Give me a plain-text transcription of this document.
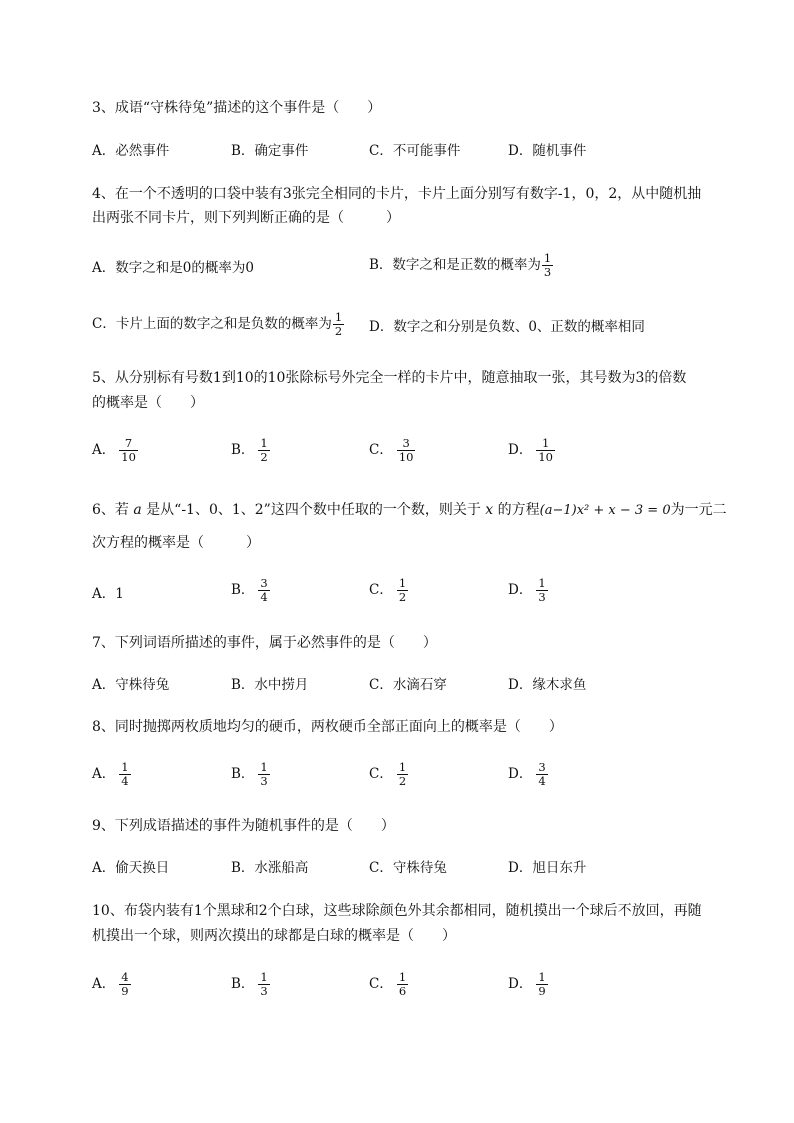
3、成语“守株待兔”描述的这个事件是（　　）
A．必然事件	B．确定事件	C．不可能事件	D．随机事件
4、在一个不透明的口袋中装有3张完全相同的卡片，卡片上面分别写有数字-1，0，2，从中随机抽
出两张不同卡片，则下列判断正确的是（　　　）
A．数字之和是0的概率为0	B．数字之和是正数的概率为 $\frac{1}{3}$
C．卡片上面的数字之和是负数的概率为 $\frac{1}{2}$ D．数字之和分别是负数、0、正数的概率相同
5、从分别标有号数1到10的10张除标号外完全一样的卡片中，随意抽取一张，其号数为3的倍数
的概率是（　　）
A． $\frac{7}{10}$	B． $\frac{1}{2}$	C． $\frac{3}{10}$	D． $\frac{1}{10}$
6、若 a 是从“-1、0、1、2”这四个数中任取的一个数，则关于 x 的方程(a−1)x² + x − 3 = 0为一元二
次方程的概率是（　　　）
A．1	B． $\frac{3}{4}$	C． $\frac{1}{2}$	D． $\frac{1}{3}$
7、下列词语所描述的事件，属于必然事件的是（　　）
A．守株待兔	B．水中捞月	C．水滴石穿	D．缘木求鱼
8、同时抛掷两枚质地均匀的硬币，两枚硬币全部正面向上的概率是（　　）
A． $\frac{1}{4}$	B． $\frac{1}{3}$	C． $\frac{1}{2}$	D． $\frac{3}{4}$
9、下列成语描述的事件为随机事件的是（　　）
A．偷天换日	B．水涨船高	C．守株待兔	D．旭日东升
10、布袋内装有1个黑球和2个白球，这些球除颜色外其余都相同，随机摸出一个球后不放回，再随
机摸出一个球，则两次摸出的球都是白球的概率是（　　）
A． $\frac{4}{9}$	B． $\frac{1}{3}$	C． $\frac{1}{6}$	D． $\frac{1}{9}$
